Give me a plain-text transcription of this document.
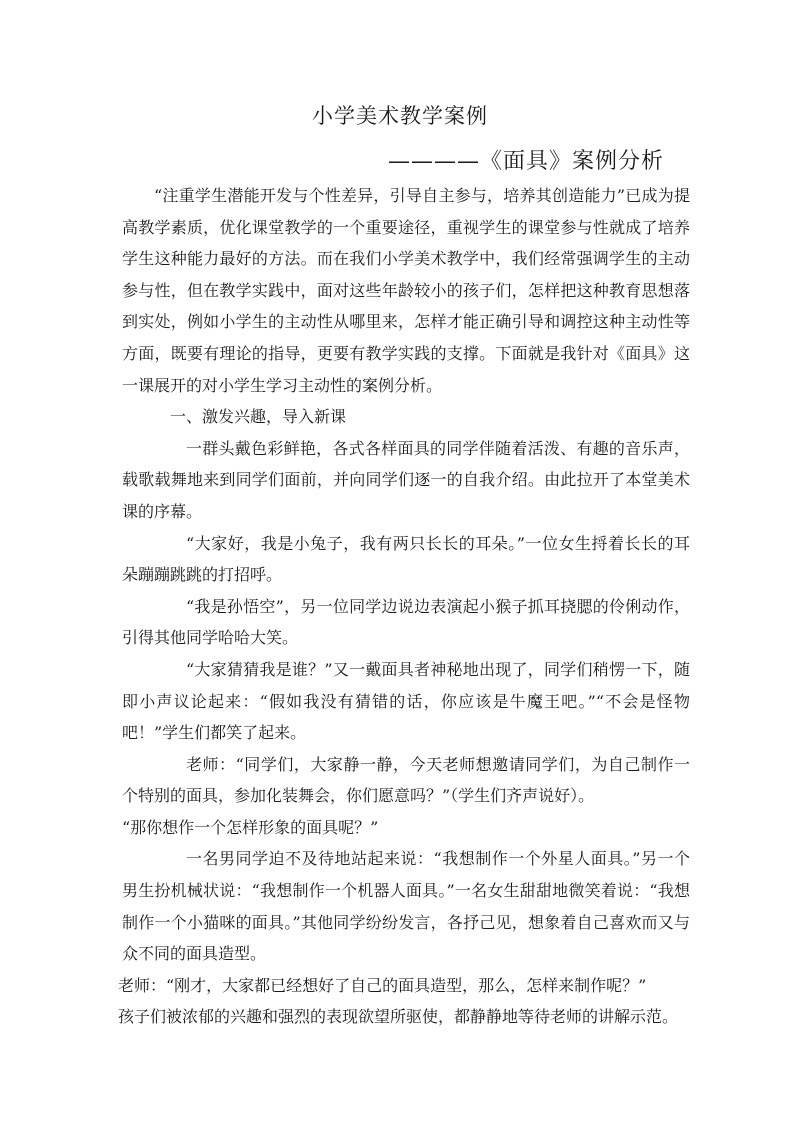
小学美术教学案例
————《面具》案例分析

“注重学生潜能开发与个性差异，引导自主参与，培养其创造能力”已成为提高教学素质，优化课堂教学的一个重要途径，重视学生的课堂参与性就成了培养学生这种能力最好的方法。而在我们小学美术教学中，我们经常强调学生的主动参与性，但在教学实践中，面对这些年龄较小的孩子们，怎样把这种教育思想落到实处，例如小学生的主动性从哪里来，怎样才能正确引导和调控这种主动性等方面，既要有理论的指导，更要有教学实践的支撑。下面就是我针对《面具》这一课展开的对小学生学习主动性的案例分析。

一、激发兴趣，导入新课

一群头戴色彩鲜艳，各式各样面具的同学伴随着活泼、有趣的音乐声，载歌载舞地来到同学们面前，并向同学们逐一的自我介绍。由此拉开了本堂美术课的序幕。

“大家好，我是小兔子，我有两只长长的耳朵。”一位女生捋着长长的耳朵蹦蹦跳跳的打招呼。

“我是孙悟空”，另一位同学边说边表演起小猴子抓耳挠腮的伶俐动作，引得其他同学哈哈大笑。

“大家猜猜我是谁？”又一戴面具者神秘地出现了，同学们稍愣一下，随即小声议论起来：“假如我没有猜错的话，你应该是牛魔王吧。”“不会是怪物吧！”学生们都笑了起来。

老师：“同学们，大家静一静，今天老师想邀请同学们，为自己制作一个特别的面具，参加化装舞会，你们愿意吗？”（学生们齐声说好）。

“那你想作一个怎样形象的面具呢？”

一名男同学迫不及待地站起来说：“我想制作一个外星人面具。”另一个男生扮机械状说：“我想制作一个机器人面具。”一名女生甜甜地微笑着说：“我想制作一个小猫咪的面具。”其他同学纷纷发言，各抒己见，想象着自己喜欢而又与众不同的面具造型。

老师：“刚才，大家都已经想好了自己的面具造型，那么，怎样来制作呢？”

孩子们被浓郁的兴趣和强烈的表现欲望所驱使，都静静地等待老师的讲解示范。
